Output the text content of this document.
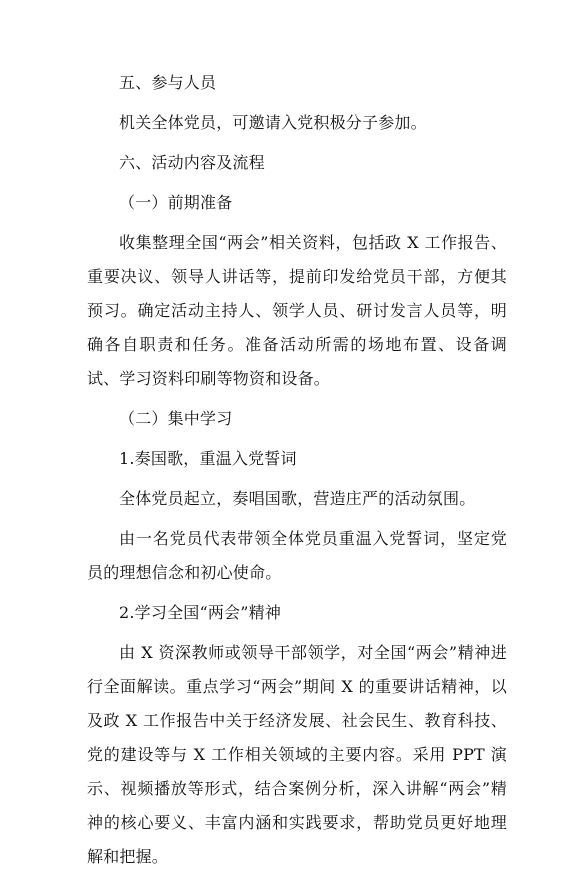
五、参与人员

机关全体党员，可邀请入党积极分子参加。

六、活动内容及流程

（一）前期准备

收集整理全国“两会”相关资料，包括政 X 工作报告、重要决议、领导人讲话等，提前印发给党员干部，方便其预习。确定活动主持人、领学人员、研讨发言人员等，明确各自职责和任务。准备活动所需的场地布置、设备调试、学习资料印刷等物资和设备。

（二）集中学习

1.奏国歌，重温入党誓词

全体党员起立，奏唱国歌，营造庄严的活动氛围。

由一名党员代表带领全体党员重温入党誓词，坚定党员的理想信念和初心使命。

2.学习全国“两会”精神

由 X 资深教师或领导干部领学，对全国“两会”精神进行全面解读。重点学习“两会”期间 X 的重要讲话精神，以及政 X 工作报告中关于经济发展、社会民生、教育科技、党的建设等与 X 工作相关领域的主要内容。采用 PPT 演示、视频播放等形式，结合案例分析，深入讲解“两会”精神的核心要义、丰富内涵和实践要求，帮助党员更好地理解和把握。
